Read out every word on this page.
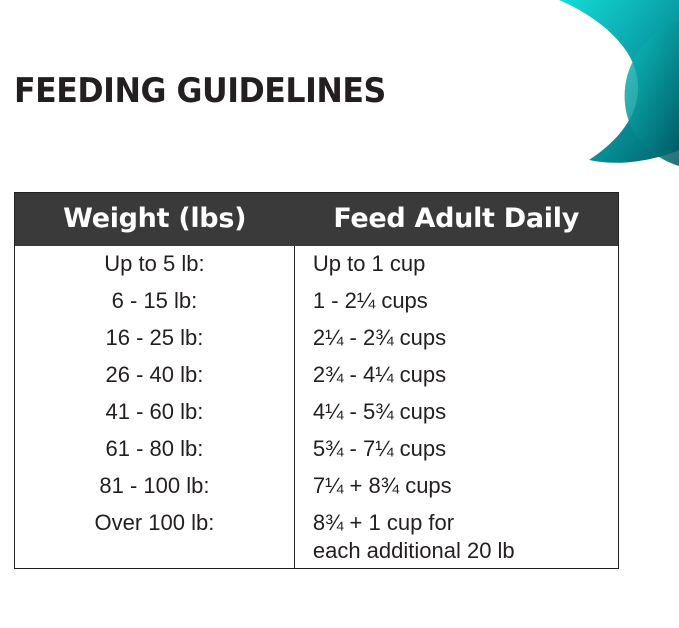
FEEDING GUIDELINES
Weight (lbs)	Feed Adult Daily
Up to 5 lb:	Up to 1 cup
6 - 15 lb:	1 - 2¼ cups
16 - 25 lb:	2¼ - 2¾ cups
26 - 40 lb:	2¾ - 4¼ cups
41 - 60 lb:	4¼ - 5¾ cups
61 - 80 lb:	5¾ - 7¼ cups
81 - 100 lb:	7¼ + 8¾ cups
Over 100 lb:	8¾ + 1 cup for
each additional 20 lb
